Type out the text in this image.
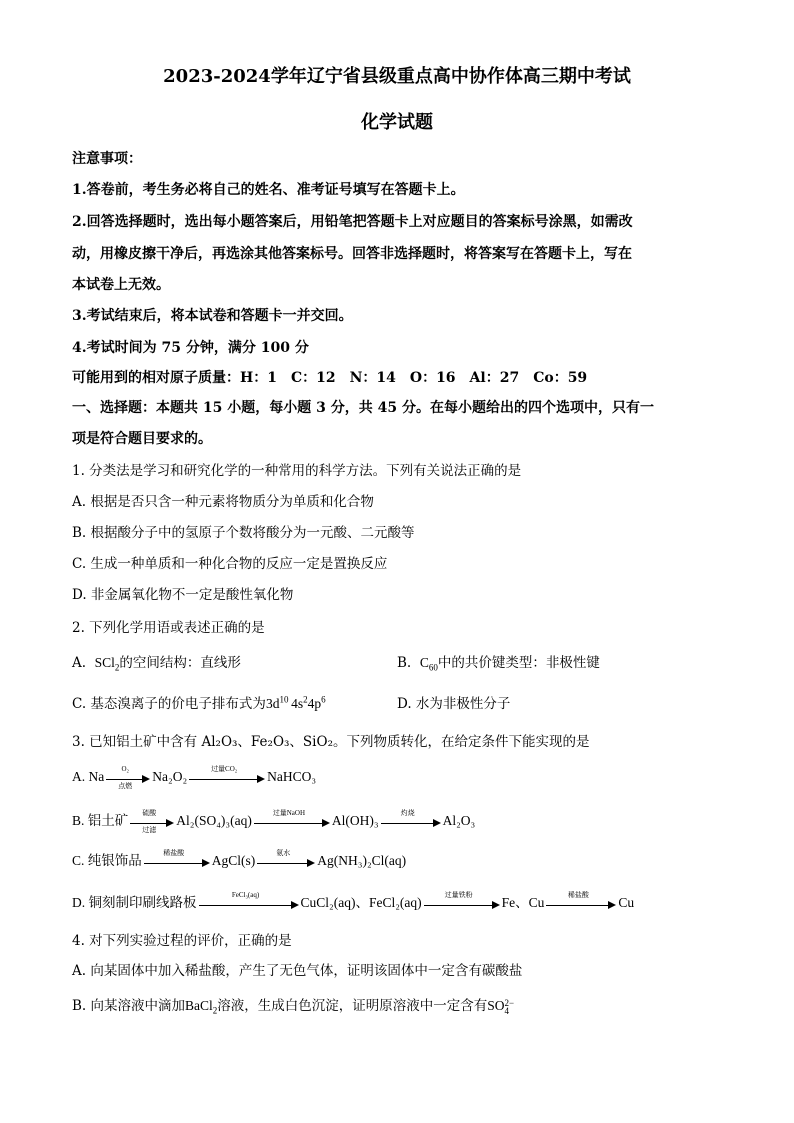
2023-2024学年辽宁省县级重点高中协作体高三期中考试
化学试题
注意事项：
1.答卷前，考生务必将自己的姓名、准考证号填写在答题卡上。
2.回答选择题时，选出每小题答案后，用铅笔把答题卡上对应题目的答案标号涂黑，如需改
动，用橡皮擦干净后，再选涂其他答案标号。回答非选择题时，将答案写在答题卡上，写在
本试卷上无效。
3.考试结束后，将本试卷和答题卡一并交回。
4.考试时间为 75 分钟，满分 100 分
可能用到的相对原子质量：H：1　C：12　N：14　O：16　Al：27　Co：59
一、选择题：本题共 15 小题，每小题 3 分，共 45 分。在每小题给出的四个选项中，只有一
项是符合题目要求的。
1. 分类法是学习和研究化学的一种常用的科学方法。下列有关说法正确的是
A. 根据是否只含一种元素将物质分为单质和化合物
B. 根据酸分子中的氢原子个数将酸分为一元酸、二元酸等
C. 生成一种单质和一种化合物的反应一定是置换反应
D. 非金属氧化物不一定是酸性氧化物
2. 下列化学用语或表述正确的是
A. SCl$_2$的空间结构：直线形	B. $C_{60}$中的共价键类型：非极性键
C. 基态溴离子的价电子排布式为$3d^{10}$  $4s^24p^6$	D. 水为非极性分子
3. 已知铝土矿中含有 Al₂O₃、Fe₂O₃、SiO₂。下列物质转化，在给定条件下能实现的是
A. Na
O₂
点燃
Na₂O₂
过量CO₂
NaHCO₃
B. 铝土矿
硫酸
过滤
Al₂(SO₄)₃(aq)
过量NaOH
Al(OH)₃
灼烧
Al₂O₃
C. 纯银饰品
稀盐酸
AgCl(s)
氨水
Ag(NH₃)₂Cl(aq)
D. 铜刻制印刷线路板
FeCl₃(aq)
CuCl₂(aq)、FeCl₂(aq)
过量铁粉
Fe、Cu
稀盐酸
Cu
4. 对下列实验过程的评价，正确的是
A. 向某固体中加入稀盐酸，产生了无色气体，证明该固体中一定含有碳酸盐
B. 向某溶液中滴加BaCl$_2$溶液，生成白色沉淀，证明原溶液中一定含有SO 2−
4
